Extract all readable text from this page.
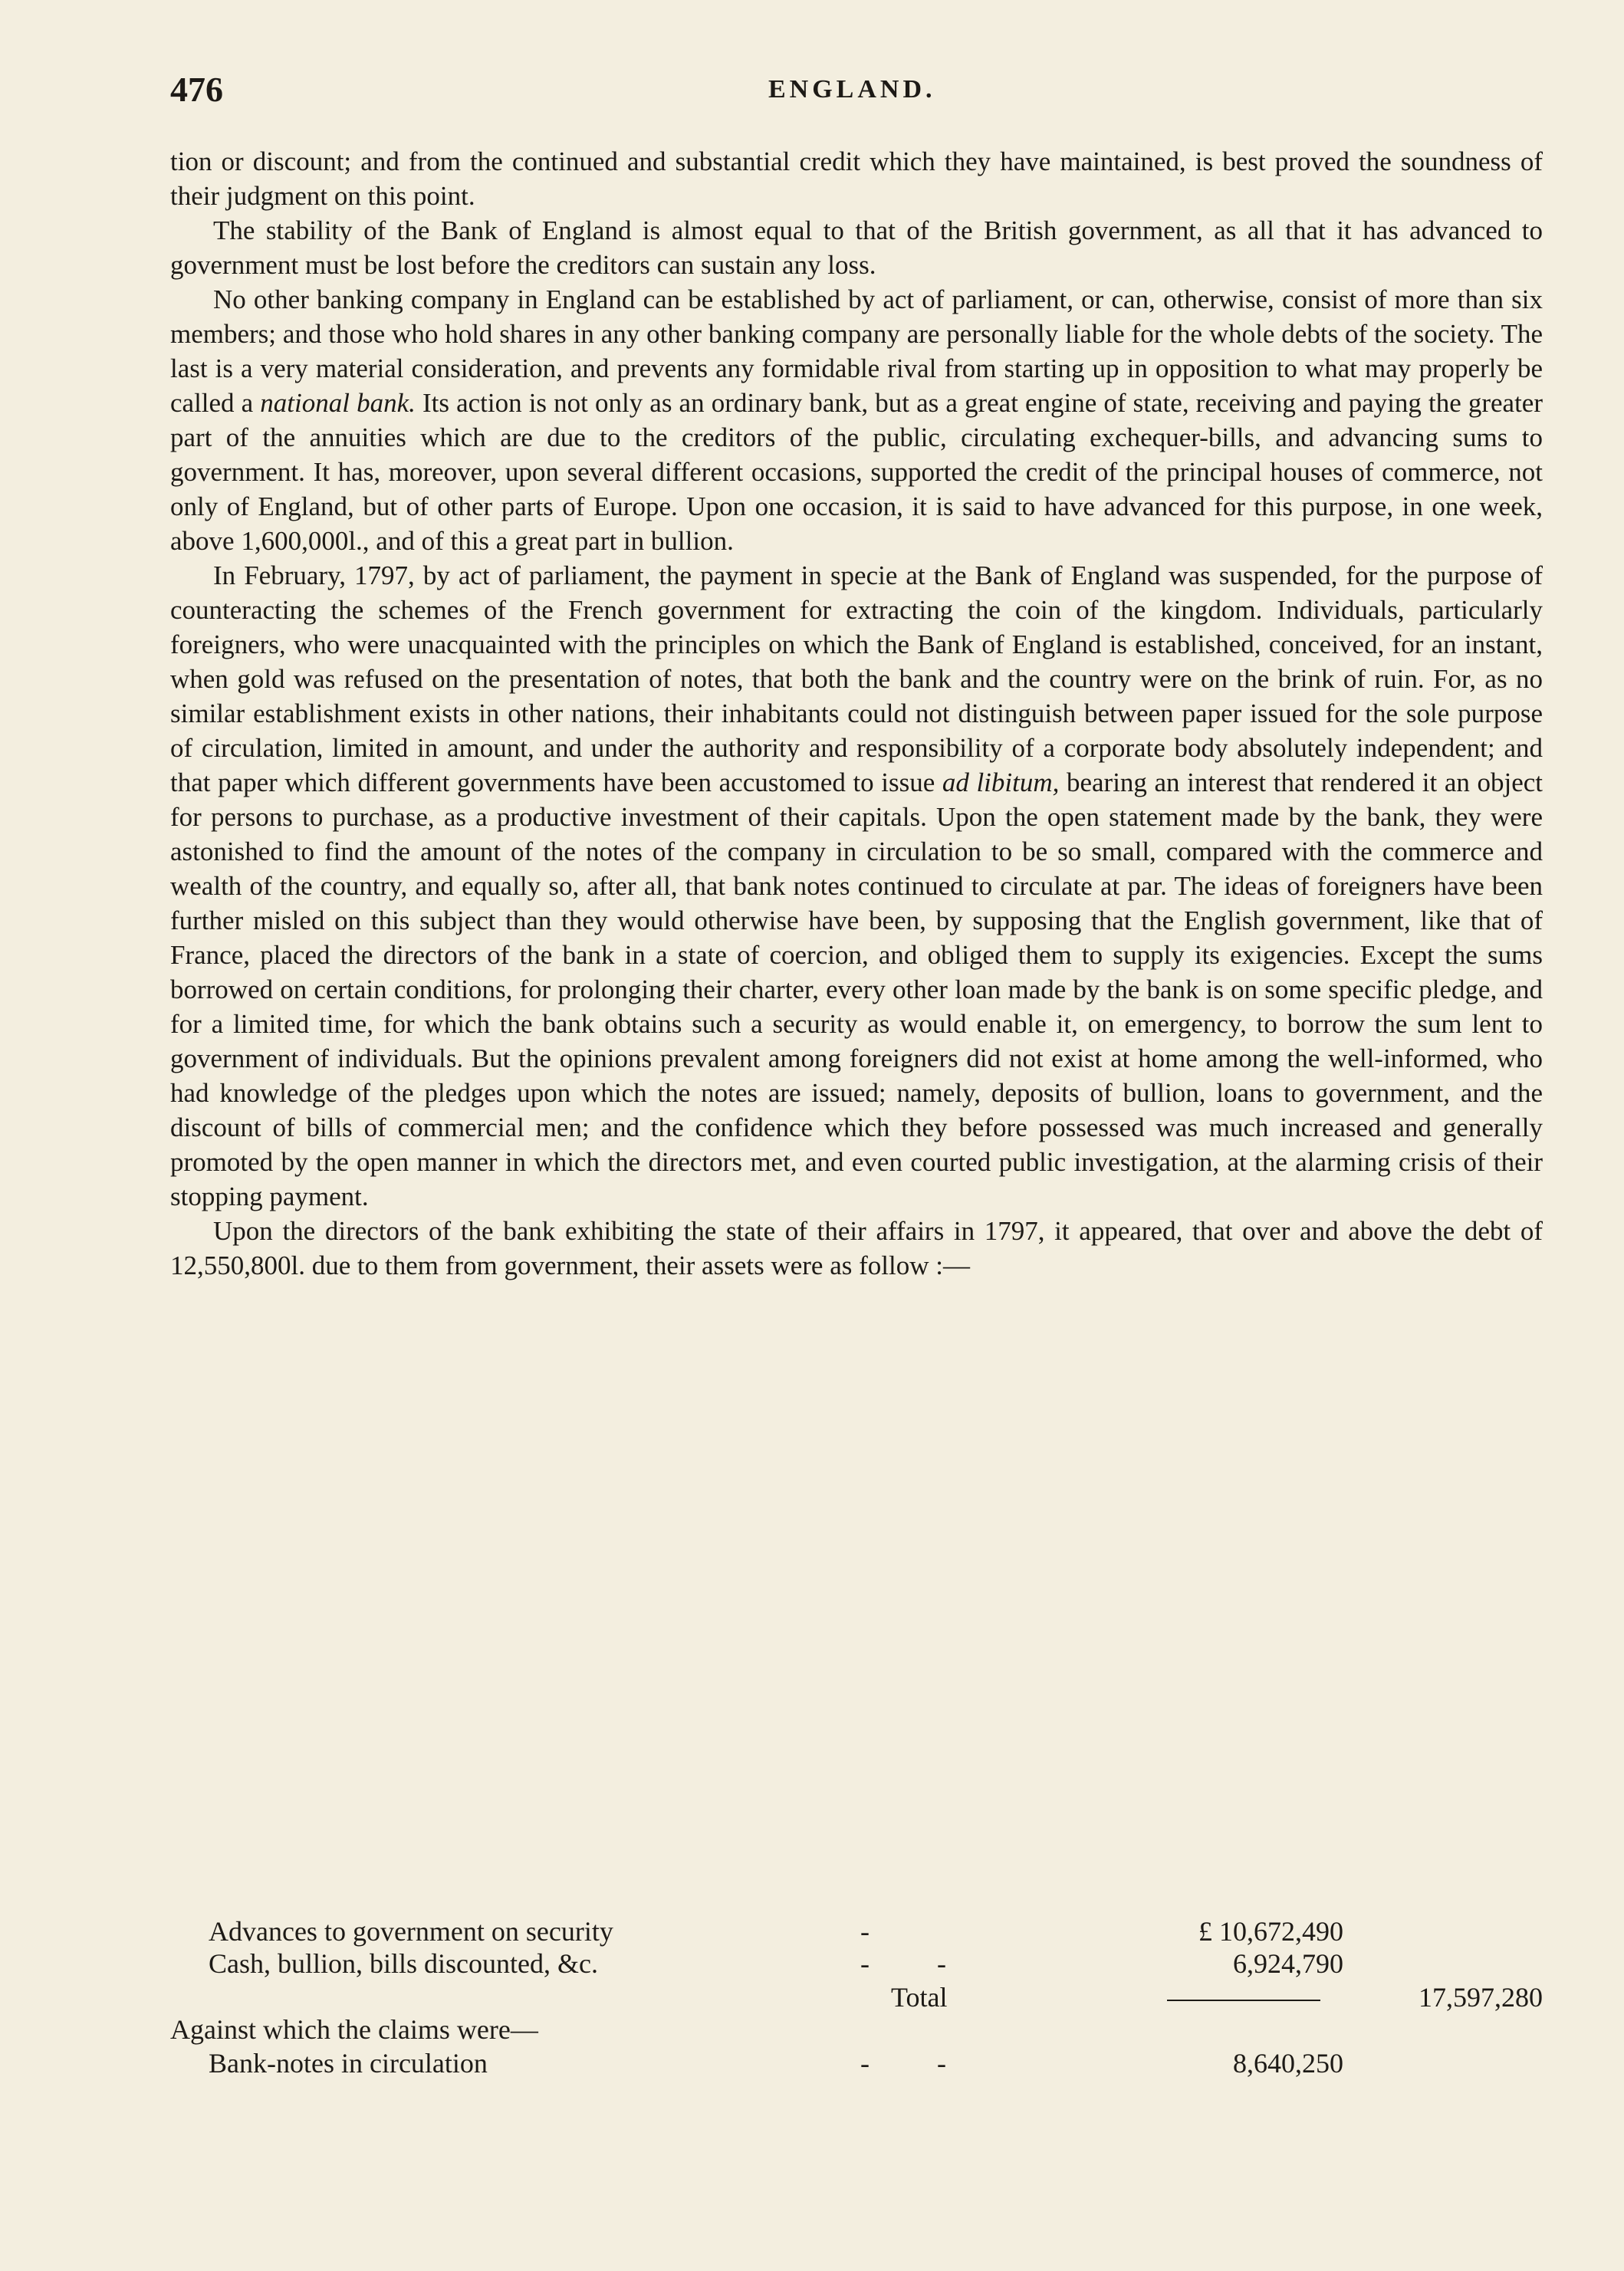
476	ENGLAND.

tion or discount; and from the continued and substantial credit which they have maintained, is best proved the soundness of their judgment on this point.

The stability of the Bank of England is almost equal to that of the British government, as all that it has advanced to government must be lost before the creditors can sustain any loss.

No other banking company in England can be established by act of parliament, or can, otherwise, consist of more than six members; and those who hold shares in any other banking company are personally liable for the whole debts of the society. The last is a very material consideration, and prevents any formidable rival from starting up in opposition to what may properly be called a national bank. Its action is not only as an ordinary bank, but as a great engine of state, receiving and paying the greater part of the annuities which are due to the creditors of the public, circulating exchequer-bills, and advancing sums to government. It has, moreover, upon several different occasions, supported the credit of the principal houses of commerce, not only of England, but of other parts of Europe. Upon one occasion, it is said to have advanced for this purpose, in one week, above 1,600,000l., and of this a great part in bullion.

In February, 1797, by act of parliament, the payment in specie at the Bank of England was suspended, for the purpose of counteracting the schemes of the French government for extracting the coin of the kingdom. Individuals, particularly foreigners, who were unacquainted with the principles on which the Bank of England is established, conceived, for an instant, when gold was refused on the presentation of notes, that both the bank and the country were on the brink of ruin. For, as no similar establishment exists in other nations, their inhabitants could not distinguish between paper issued for the sole purpose of circulation, limited in amount, and under the authority and responsibility of a corporate body absolutely independent; and that paper which different governments have been accustomed to issue ad libitum, bearing an interest that rendered it an object for persons to purchase, as a productive investment of their capitals. Upon the open statement made by the bank, they were astonished to find the amount of the notes of the company in circulation to be so small, compared with the commerce and wealth of the country, and equally so, after all, that bank notes continued to circulate at par. The ideas of foreigners have been further misled on this subject than they would otherwise have been, by supposing that the English government, like that of France, placed the directors of the bank in a state of coercion, and obliged them to supply its exigencies. Except the sums borrowed on certain conditions, for prolonging their charter, every other loan made by the bank is on some specific pledge, and for a limited time, for which the bank obtains such a security as would enable it, on emergency, to borrow the sum lent to government of individuals. But the opinions prevalent among foreigners did not exist at home among the well-informed, who had knowledge of the pledges upon which the notes are issued; namely, deposits of bullion, loans to government, and the discount of bills of commercial men; and the confidence which they before possessed was much increased and generally promoted by the open manner in which the directors met, and even courted public investigation, at the alarming crisis of their stopping payment.

Upon the directors of the bank exhibiting the state of their affairs in 1797, it appeared, that over and above the debt of 12,550,800l. due to them from government, their assets were as follow :—

Advances to government on security	-	£ 10,672,490
Cash, bullion, bills discounted, &c.	- -	6,924,790
Total	17,597,280
Against which the claims were—
Bank-notes in circulation	- -	8,640,250
